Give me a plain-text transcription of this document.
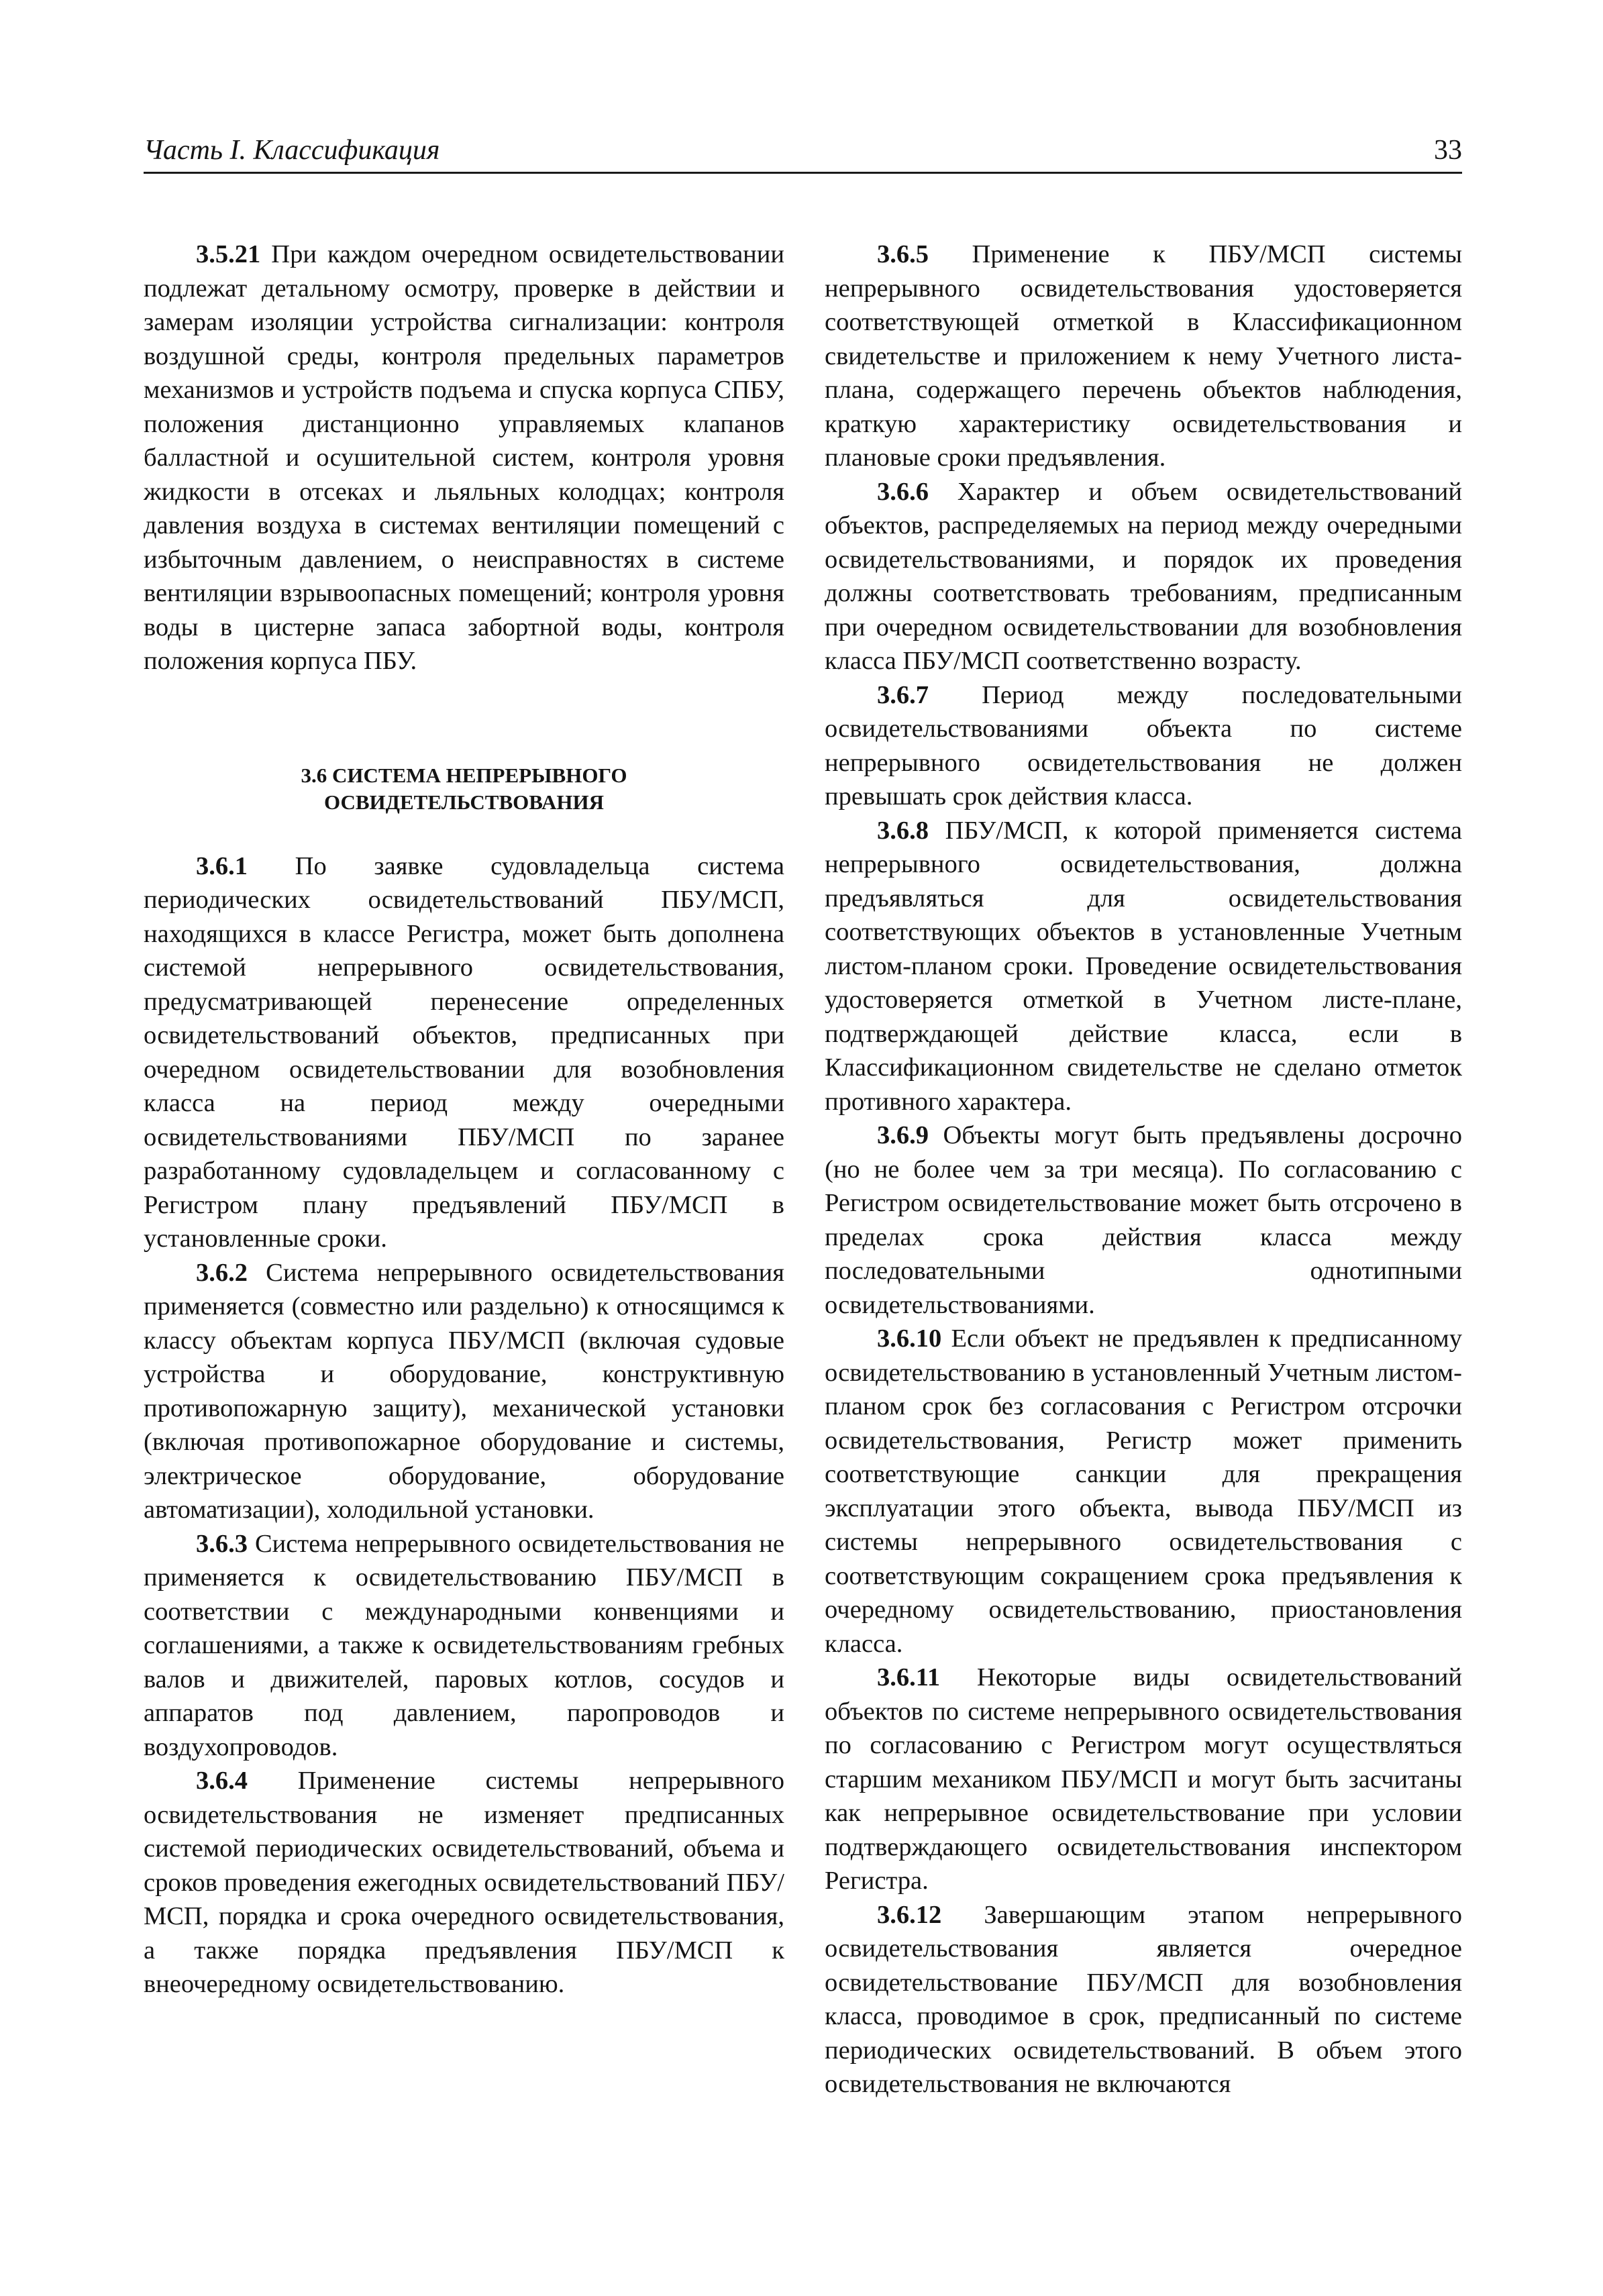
Часть I. Классификация	33

3.5.21 При каждом очередном освидетельствовании подлежат детальному осмотру, проверке в действии и замерам изоляции устройства сигнализации: контроля воздушной среды, контроля предельных параметров механизмов и устройств подъема и спуска корпуса СПБУ, положения дистанционно управляемых клапанов балластной и осушительной систем, контроля уровня жидкости в отсеках и льяльных колодцах; контроля давления воздуха в системах вентиляции помещений с избыточным давлением, о неисправностях в системе вентиляции взрывоопасных помещений; контроля уровня воды в цистерне запаса забортной воды, контроля положения корпуса ПБУ.

3.6 СИСТЕМА НЕПРЕРЫВНОГО
ОСВИДЕТЕЛЬСТВОВАНИЯ

3.6.1 По заявке судовладельца система периодических освидетельствований ПБУ/МСП, находящихся в классе Регистра, может быть дополнена системой непрерывного освидетельствования, предусматривающей перенесение определенных освидетельствований объектов, предписанных при очередном освидетельствовании для возобновления класса на период между очередными освидетельствованиями ПБУ/МСП по заранее разработанному судовладельцем и согласованному с Регистром плану предъявлений ПБУ/МСП в установленные сроки.

3.6.2 Система непрерывного освидетельствования применяется (совместно или раздельно) к относящимся к классу объектам корпуса ПБУ/МСП (включая судовые устройства и оборудование, конструктивную противопожарную защиту), механической установки (включая противопожарное оборудование и системы, электрическое оборудование, оборудование автоматизации), холодильной установки.

3.6.3 Система непрерывного освидетельствования не применяется к освидетельствованию ПБУ/МСП в соответствии с международными конвенциями и соглашениями, а также к освидетельствованиям гребных валов и движителей, паровых котлов, сосудов и аппаратов под давлением, паропроводов и воздухопроводов.

3.6.4 Применение системы непрерывного освидетельствования не изменяет предписанных системой периодических освидетельствований, объема и сроков проведения ежегодных освидетельствований ПБУ/МСП, порядка и срока очередного освидетельствования, а также порядка предъявления ПБУ/МСП к внеочередному освидетельствованию.

3.6.5 Применение к ПБУ/МСП системы непрерывного освидетельствования удостоверяется соответствующей отметкой в Классификационном свидетельстве и приложением к нему Учетного листа-плана, содержащего перечень объектов наблюдения, краткую характеристику освидетельствования и плановые сроки предъявления.

3.6.6 Характер и объем освидетельствований объектов, распределяемых на период между очередными освидетельствованиями, и порядок их проведения должны соответствовать требованиям, предписанным при очередном освидетельствовании для возобновления класса ПБУ/МСП соответственно возрасту.

3.6.7 Период между последовательными освидетельствованиями объекта по системе непрерывного освидетельствования не должен превышать срок действия класса.

3.6.8 ПБУ/МСП, к которой применяется система непрерывного освидетельствования, должна предъявляться для освидетельствования соответствующих объектов в установленные Учетным листом-планом сроки. Проведение освидетельствования удостоверяется отметкой в Учетном листе-плане, подтверждающей действие класса, если в Классификационном свидетельстве не сделано отметок противного характера.

3.6.9 Объекты могут быть предъявлены досрочно (но не более чем за три месяца). По согласованию с Регистром освидетельствование может быть отсрочено в пределах срока действия класса между последовательными однотипными освидетельствованиями.

3.6.10 Если объект не предъявлен к предписанному освидетельствованию в установленный Учетным листом-планом срок без согласования с Регистром отсрочки освидетельствования, Регистр может применить соответствующие санкции для прекращения эксплуатации этого объекта, вывода ПБУ/МСП из системы непрерывного освидетельствования с соответствующим сокращением срока предъявления к очередному освидетельствованию, приостановления класса.

3.6.11 Некоторые виды освидетельствований объектов по системе непрерывного освидетельствования по согласованию с Регистром могут осуществляться старшим механиком ПБУ/МСП и могут быть засчитаны как непрерывное освидетельствование при условии подтверждающего освидетельствования инспектором Регистра.

3.6.12 Завершающим этапом непрерывного освидетельствования является очередное освидетельствование ПБУ/МСП для возобновления класса, проводимое в срок, предписанный по системе периодических освидетельствований. В объем этого освидетельствования не включаются
